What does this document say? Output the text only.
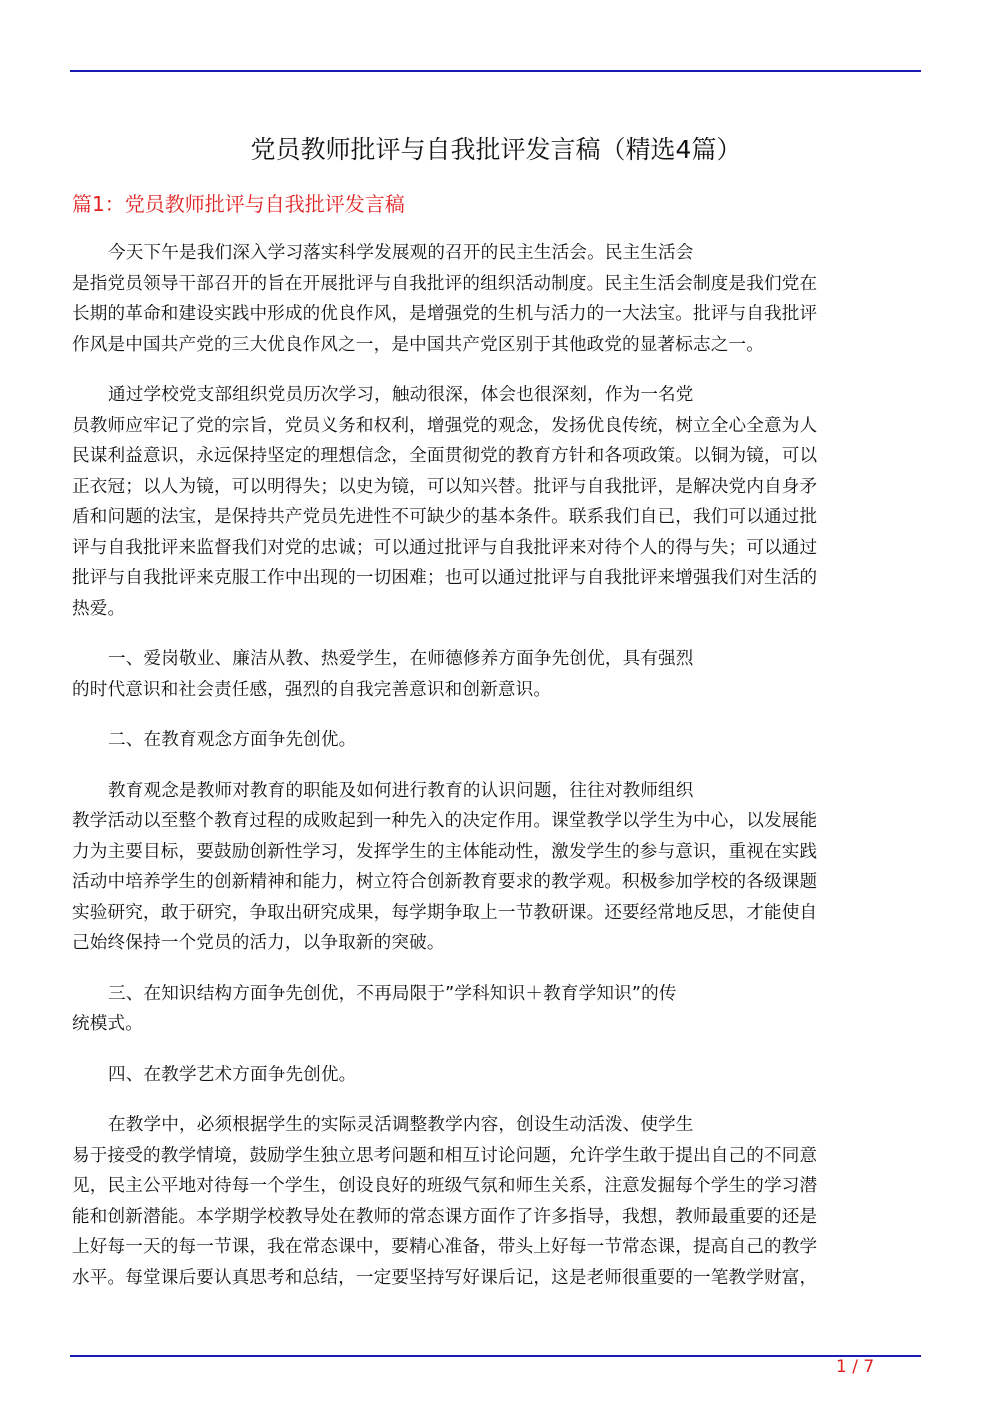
党员教师批评与自我批评发言稿（精选4篇）
篇1：党员教师批评与自我批评发言稿
今天下午是我们深入学习落实科学发展观的召开的民主生活会。民主生活会
是指党员领导干部召开的旨在开展批评与自我批评的组织活动制度。民主生活会制度是我们党在
长期的革命和建设实践中形成的优良作风，是增强党的生机与活力的一大法宝。批评与自我批评
作风是中国共产党的三大优良作风之一，是中国共产党区别于其他政党的显著标志之一。
通过学校党支部组织党员历次学习，触动很深，体会也很深刻，作为一名党
员教师应牢记了党的宗旨，党员义务和权利，增强党的观念，发扬优良传统，树立全心全意为人
民谋利益意识，永远保持坚定的理想信念，全面贯彻党的教育方针和各项政策。以铜为镜，可以
正衣冠；以人为镜，可以明得失；以史为镜，可以知兴替。批评与自我批评，是解决党内自身矛
盾和问题的法宝，是保持共产党员先进性不可缺少的基本条件。联系我们自已，我们可以通过批
评与自我批评来监督我们对党的忠诚；可以通过批评与自我批评来对待个人的得与失；可以通过
批评与自我批评来克服工作中出现的一切困难；也可以通过批评与自我批评来增强我们对生活的
热爱。
一、爱岗敬业、廉洁从教、热爱学生，在师德修养方面争先创优，具有强烈
的时代意识和社会责任感，强烈的自我完善意识和创新意识。
二、在教育观念方面争先创优。
教育观念是教师对教育的职能及如何进行教育的认识问题，往往对教师组织
教学活动以至整个教育过程的成败起到一种先入的决定作用。课堂教学以学生为中心，以发展能
力为主要目标，要鼓励创新性学习，发挥学生的主体能动性，激发学生的参与意识，重视在实践
活动中培养学生的创新精神和能力，树立符合创新教育要求的教学观。积极参加学校的各级课题
实验研究，敢于研究，争取出研究成果，每学期争取上一节教研课。还要经常地反思，才能使自
己始终保持一个党员的活力，以争取新的突破。
三、在知识结构方面争先创优，不再局限于”学科知识＋教育学知识”的传
统模式。
四、在教学艺术方面争先创优。
在教学中，必须根据学生的实际灵活调整教学内容，创设生动活泼、使学生
易于接受的教学情境，鼓励学生独立思考问题和相互讨论问题，允许学生敢于提出自己的不同意
见，民主公平地对待每一个学生，创设良好的班级气氛和师生关系，注意发掘每个学生的学习潜
能和创新潜能。本学期学校教导处在教师的常态课方面作了许多指导，我想，教师最重要的还是
上好每一天的每一节课，我在常态课中，要精心准备，带头上好每一节常态课，提高自己的教学
水平。每堂课后要认真思考和总结，一定要坚持写好课后记，这是老师很重要的一笔教学财富，
1 / 7
